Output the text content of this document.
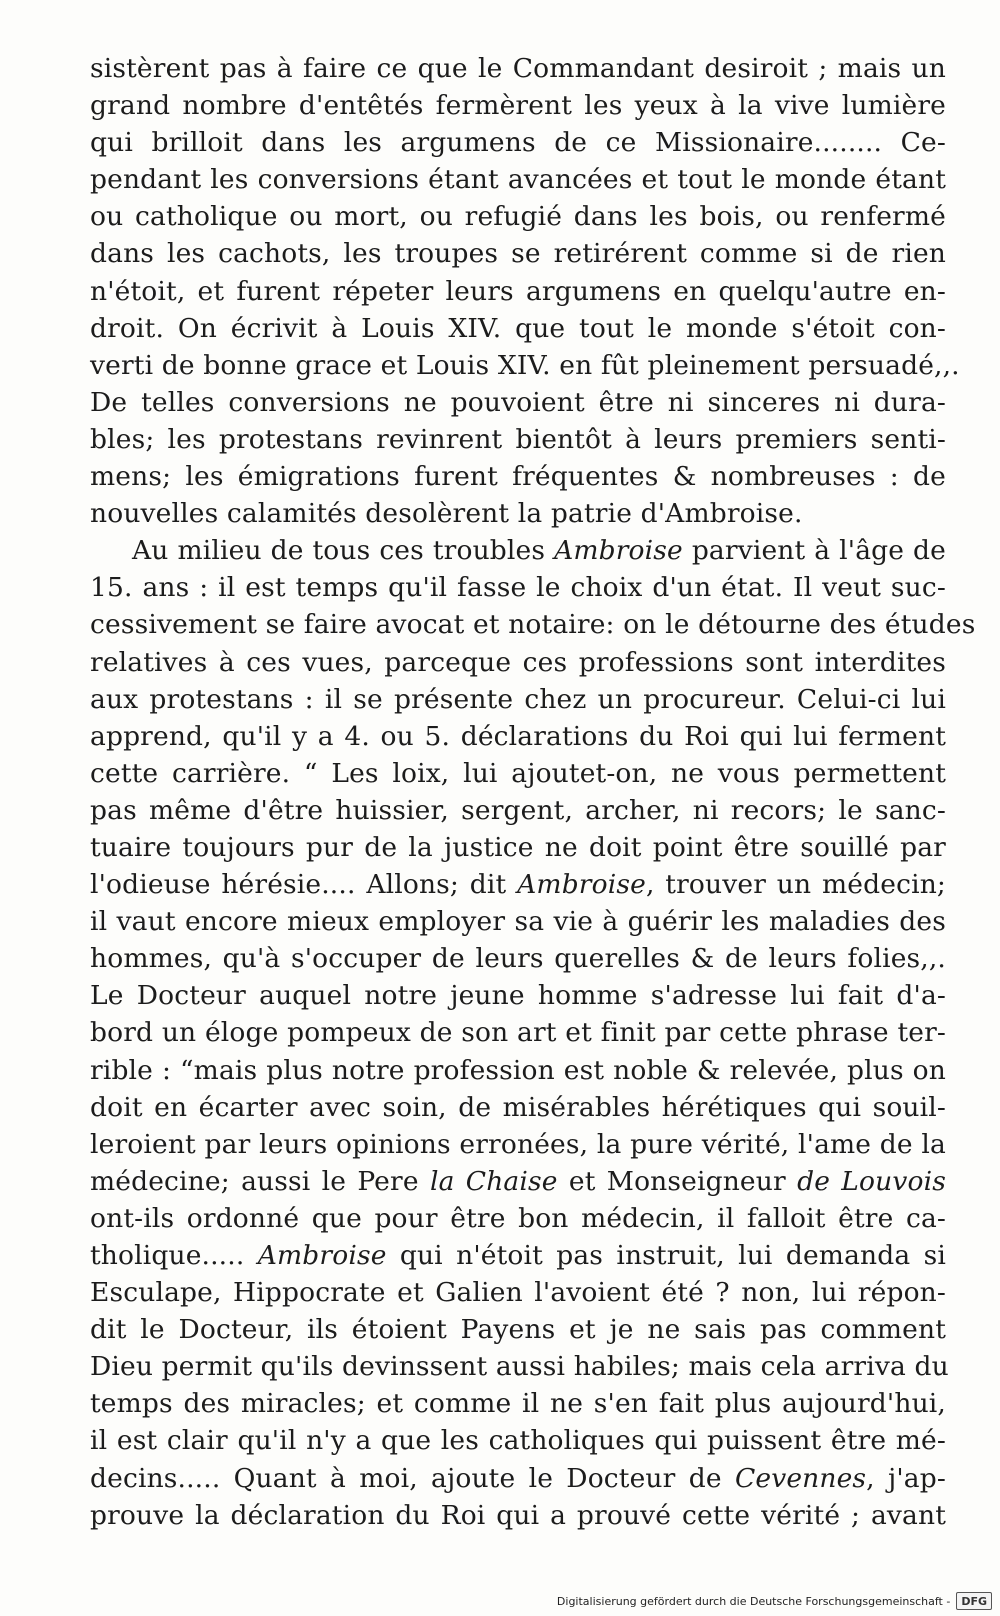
sistèrent pas à faire ce que le Commandant desiroit ; mais un
grand nombre d'entêtés fermèrent les yeux à la vive lumière
qui brilloit dans les argumens de ce Missionaire........ Ce-
pendant les conversions étant avancées et tout le monde étant
ou catholique ou mort, ou refugié dans les bois, ou renfermé
dans les cachots, les troupes se retirérent comme si de rien
n'étoit, et furent répeter leurs argumens en quelqu'autre en-
droit. On écrivit à Louis XIV. que tout le monde s'étoit con-
verti de bonne grace et Louis XIV. en fût pleinement persuadé,,.
De telles conversions ne pouvoient être ni sinceres ni dura-
bles; les protestans revinrent bientôt à leurs premiers senti-
mens; les émigrations furent fréquentes & nombreuses : de
nouvelles calamités desolèrent la patrie d'Ambroise.
Au milieu de tous ces troubles Ambroise parvient à l'âge de
15. ans : il est temps qu'il fasse le choix d'un état. Il veut suc-
cessivement se faire avocat et notaire: on le détourne des études
relatives à ces vues, parceque ces professions sont interdites
aux protestans : il se présente chez un procureur. Celui-ci lui
apprend, qu'il y a 4. ou 5. déclarations du Roi qui lui ferment
cette carrière. “ Les loix, lui ajoutet-on, ne vous permettent
pas même d'être huissier, sergent, archer, ni recors; le sanc-
tuaire toujours pur de la justice ne doit point être souillé par
l'odieuse hérésie.... Allons; dit Ambroise, trouver un médecin;
il vaut encore mieux employer sa vie à guérir les maladies des
hommes, qu'à s'occuper de leurs querelles & de leurs folies,,.
Le Docteur auquel notre jeune homme s'adresse lui fait d'a-
bord un éloge pompeux de son art et finit par cette phrase ter-
rible : “mais plus notre profession est noble & relevée, plus on
doit en écarter avec soin, de misérables hérétiques qui souil-
leroient par leurs opinions erronées, la pure vérité, l'ame de la
médecine; aussi le Pere la Chaise et Monseigneur de Louvois
ont-ils ordonné que pour être bon médecin, il falloit être ca-
tholique..... Ambroise qui n'étoit pas instruit, lui demanda si
Esculape, Hippocrate et Galien l'avoient été ? non, lui répon-
dit le Docteur, ils étoient Payens et je ne sais pas comment
Dieu permit qu'ils devinssent aussi habiles; mais cela arriva du
temps des miracles; et comme il ne s'en fait plus aujourd'hui,
il est clair qu'il n'y a que les catholiques qui puissent être mé-
decins..... Quant à moi, ajoute le Docteur de Cevennes, j'ap-
prouve la déclaration du Roi qui a prouvé cette vérité ; avant
Digitalisierung gefördert durch die Deutsche Forschungsgemeinschaft -	DFG
